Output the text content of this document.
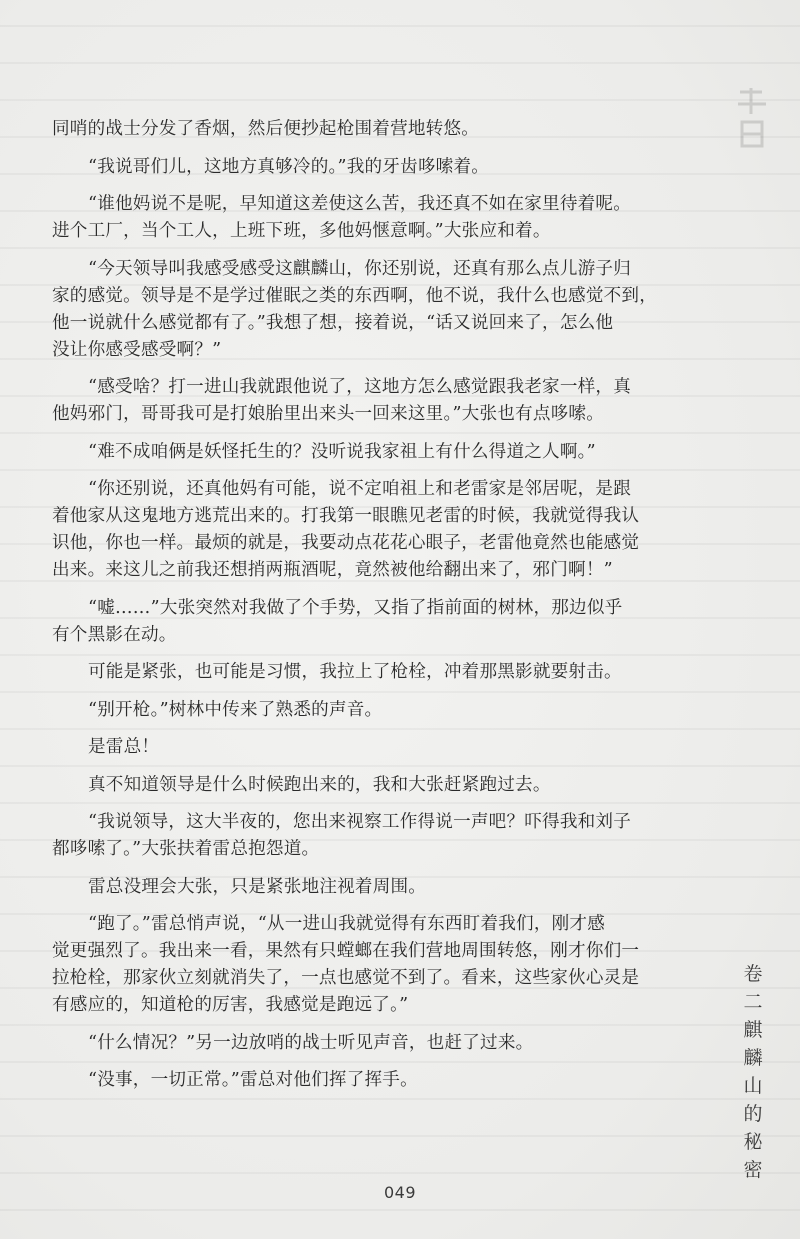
同哨的战士分发了香烟，然后便抄起枪围着营地转悠。
“我说哥们儿，这地方真够冷的。”我的牙齿哆嗦着。
“谁他妈说不是呢，早知道这差使这么苦，我还真不如在家里待着呢。
进个工厂，当个工人，上班下班，多他妈惬意啊。”大张应和着。
“今天领导叫我感受感受这麒麟山，你还别说，还真有那么点儿游子归
家的感觉。领导是不是学过催眠之类的东西啊，他不说，我什么也感觉不到，
他一说就什么感觉都有了。”我想了想，接着说，“话又说回来了，怎么他
没让你感受感受啊？”
“感受啥？打一进山我就跟他说了，这地方怎么感觉跟我老家一样，真
他妈邪门，哥哥我可是打娘胎里出来头一回来这里。”大张也有点哆嗦。
“难不成咱俩是妖怪托生的？没听说我家祖上有什么得道之人啊。”
“你还别说，还真他妈有可能，说不定咱祖上和老雷家是邻居呢，是跟
着他家从这鬼地方逃荒出来的。打我第一眼瞧见老雷的时候，我就觉得我认
识他，你也一样。最烦的就是，我要动点花花心眼子，老雷他竟然也能感觉
出来。来这儿之前我还想捎两瓶酒呢，竟然被他给翻出来了，邪门啊！”
“嘘……”大张突然对我做了个手势，又指了指前面的树林，那边似乎
有个黑影在动。
可能是紧张，也可能是习惯，我拉上了枪栓，冲着那黑影就要射击。
“别开枪。”树林中传来了熟悉的声音。
是雷总！
真不知道领导是什么时候跑出来的，我和大张赶紧跑过去。
“我说领导，这大半夜的，您出来视察工作得说一声吧？吓得我和刘子
都哆嗦了。”大张扶着雷总抱怨道。
雷总没理会大张，只是紧张地注视着周围。
“跑了。”雷总悄声说，“从一进山我就觉得有东西盯着我们，刚才感
觉更强烈了。我出来一看，果然有只螳螂在我们营地周围转悠，刚才你们一
拉枪栓，那家伙立刻就消失了，一点也感觉不到了。看来，这些家伙心灵是
有感应的，知道枪的厉害，我感觉是跑远了。”
“什么情况？”另一边放哨的战士听见声音，也赶了过来。
“没事，一切正常。”雷总对他们挥了挥手。
卷
二
麒
麟
山
的
秘
密
049
